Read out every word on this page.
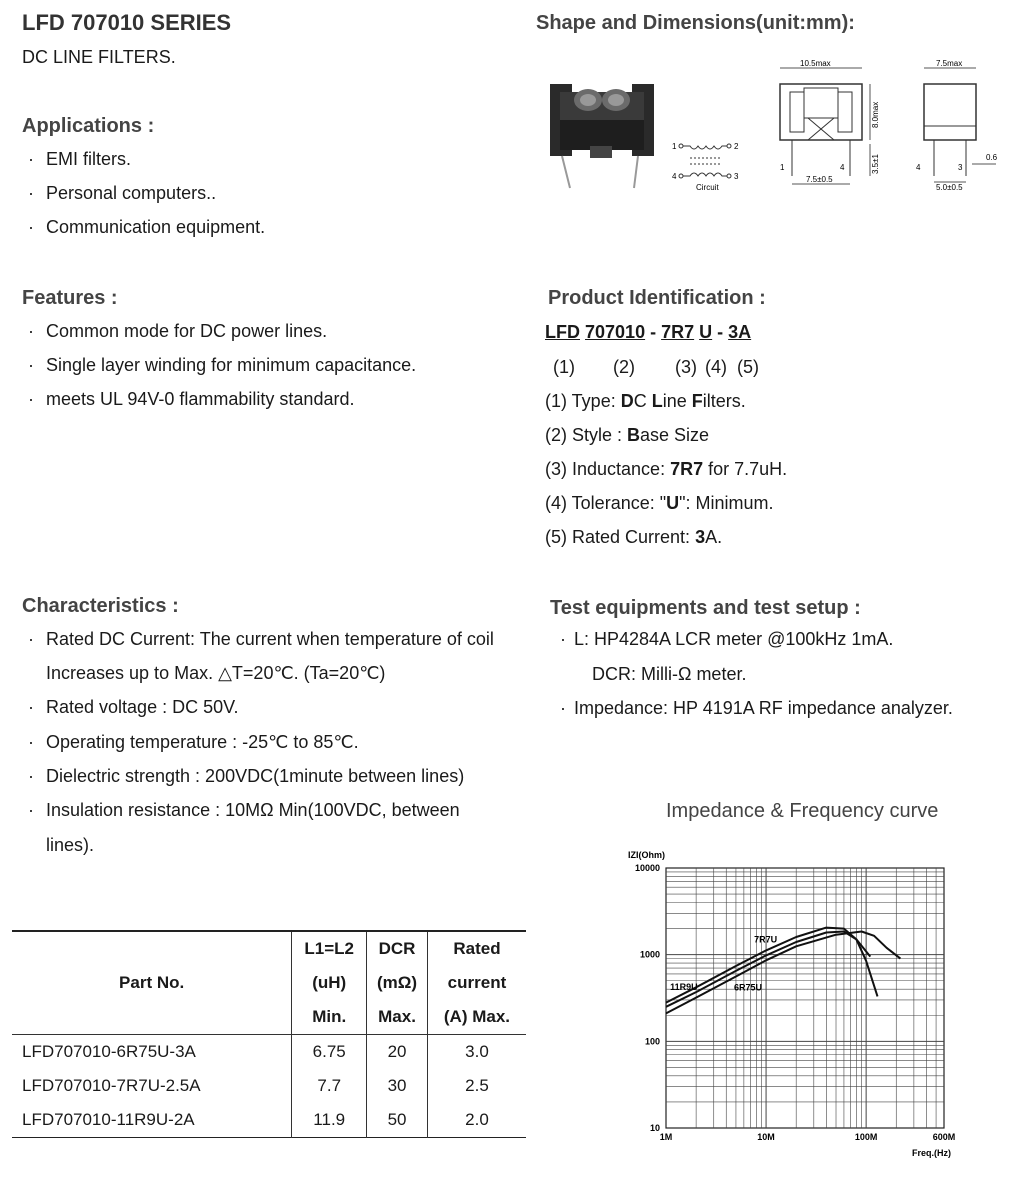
LFD 707010 SERIES
DC LINE FILTERS.
Applications :
· EMI filters.
· Personal computers..
· Communication equipment.
Shape and Dimensions(unit:mm):
1	2
4	3
Circuit
10.5max
1	4
7.5±0.5
8.0max
3.5±1
7.5max
4	3
5.0±0.5
0.6
Features :
· Common mode for DC power lines.
· Single layer winding for minimum capacitance.
· meets UL 94V-0 flammability standard.
Product Identification :
LFD 707010 - 7R7 U - 3A
(1) (2) (3) (4) (5)
(1) Type: DC Line Filters.
(2) Style : Base Size
(3) Inductance: 7R7 for 7.7uH.
(4) Tolerance: "U": Minimum.
(5) Rated Current: 3A.
Characteristics :
· Rated DC Current: The current when temperature of coil
Increases up to Max. △T=20℃. (Ta=20℃)
· Rated voltage : DC 50V.
· Operating temperature : -25℃ to 85℃.
· Dielectric strength : 200VDC(1minute between lines)
· Insulation resistance : 10MΩ Min(100VDC, between
lines).
Test equipments and test setup :
· L: HP4284A LCR meter @100kHz 1mA.
DCR: Milli-Ω meter.
· Impedance: HP 4191A RF impedance analyzer.
	L1=L2	DCR	Rated
Part No.	(uH)	(mΩ)	current
	Min.	Max.	(A) Max.
LFD707010-6R75U-3A	6.75	20	3.0
LFD707010-7R7U-2.5A	7.7	30	2.5
LFD707010-11R9U-2A	11.9	50	2.0
Impedance & Frequency curve
IZI(Ohm)
Freq.(Hz)
1M	10M	100M	600M
10
100
1000
10000
6R75U
7R7U
11R9U
